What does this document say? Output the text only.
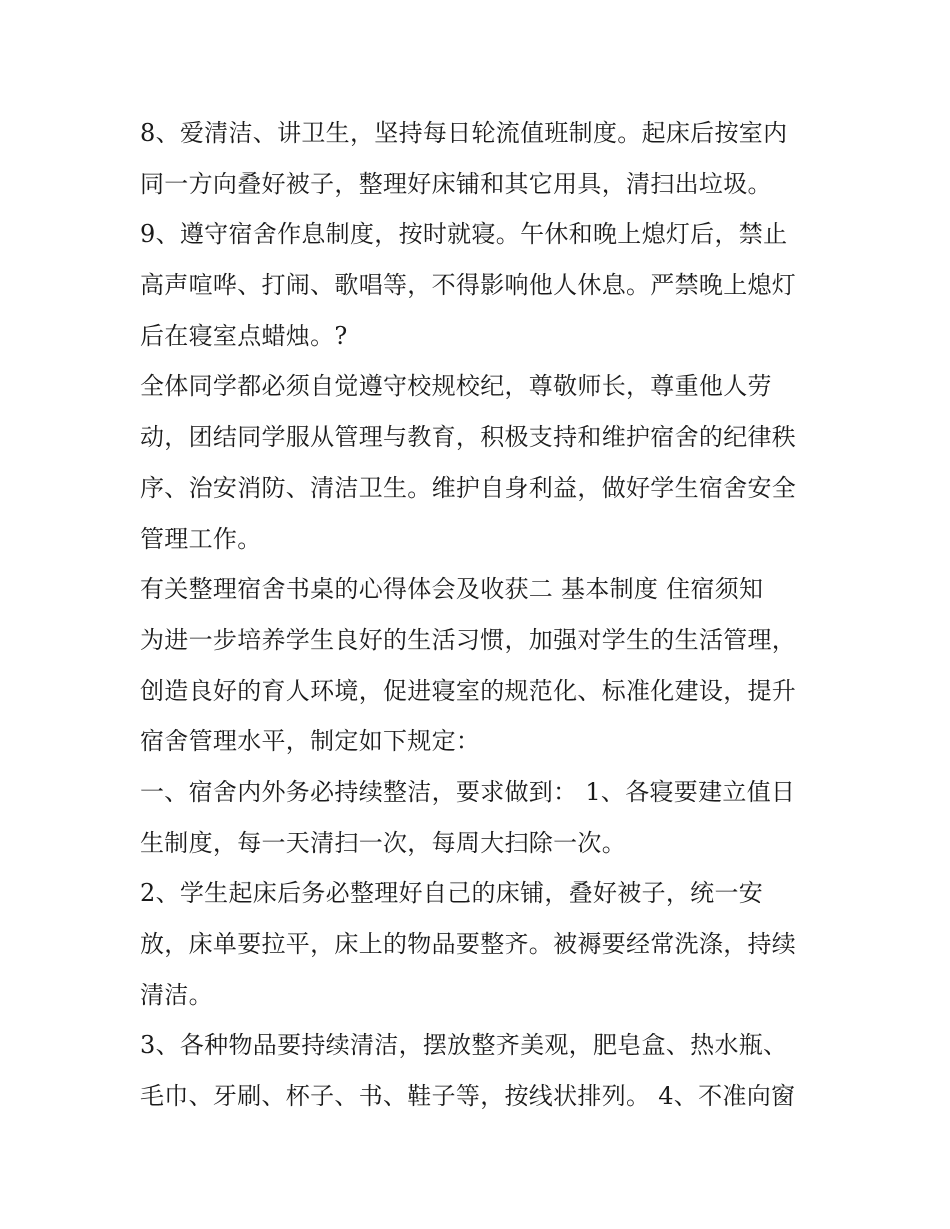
8、爱清洁、讲卫生，坚持每日轮流值班制度。起床后按室内
同一方向叠好被子，整理好床铺和其它用具，清扫出垃圾。
9、遵守宿舍作息制度，按时就寝。午休和晚上熄灯后，禁止
高声喧哗、打闹、歌唱等，不得影响他人休息。严禁晚上熄灯
后在寝室点蜡烛。?
全体同学都必须自觉遵守校规校纪，尊敬师长，尊重他人劳
动，团结同学服从管理与教育，积极支持和维护宿舍的纪律秩
序、治安消防、清洁卫生。维护自身利益，做好学生宿舍安全
管理工作。
有关整理宿舍书桌的心得体会及收获二 基本制度 住宿须知
为进一步培养学生良好的生活习惯，加强对学生的生活管理，
创造良好的育人环境，促进寝室的规范化、标准化建设，提升
宿舍管理水平，制定如下规定：
一、宿舍内外务必持续整洁，要求做到： 1、各寝要建立值日
生制度，每一天清扫一次，每周大扫除一次。
2、学生起床后务必整理好自己的床铺，叠好被子，统一安
放，床单要拉平，床上的物品要整齐。被褥要经常洗涤，持续
清洁。
3、各种物品要持续清洁，摆放整齐美观，肥皂盒、热水瓶、
毛巾、牙刷、杯子、书、鞋子等，按线状排列。 4、不准向窗
